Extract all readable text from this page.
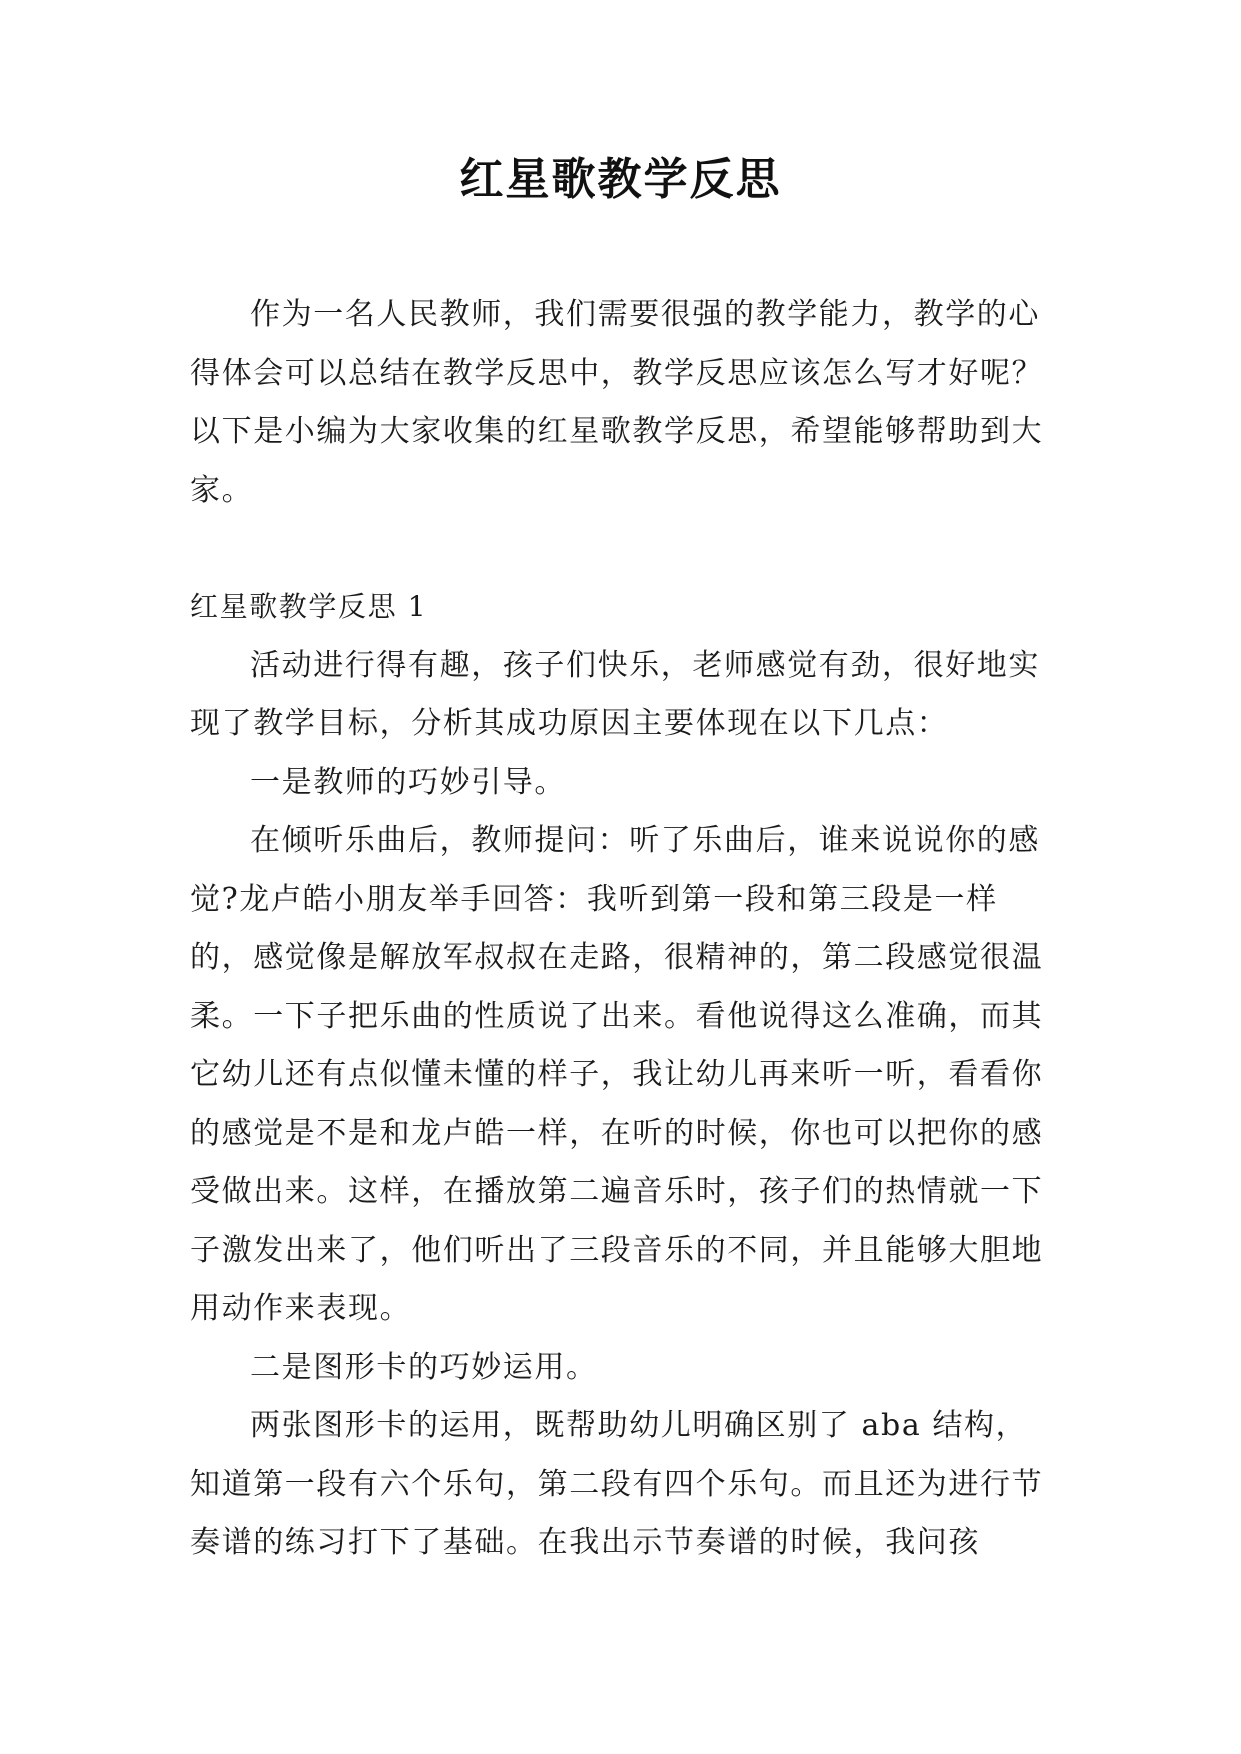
红星歌教学反思

作为一名人民教师，我们需要很强的教学能力，教学的心得体会可以总结在教学反思中，教学反思应该怎么写才好呢？以下是小编为大家收集的红星歌教学反思，希望能够帮助到大家。

红星歌教学反思 1

活动进行得有趣，孩子们快乐，老师感觉有劲，很好地实现了教学目标，分析其成功原因主要体现在以下几点：

一是教师的巧妙引导。

在倾听乐曲后，教师提问：听了乐曲后，谁来说说你的感觉?龙卢皓小朋友举手回答：我听到第一段和第三段是一样的，感觉像是解放军叔叔在走路，很精神的，第二段感觉很温柔。一下子把乐曲的性质说了出来。看他说得这么准确，而其它幼儿还有点似懂未懂的样子，我让幼儿再来听一听，看看你的感觉是不是和龙卢皓一样，在听的时候，你也可以把你的感受做出来。这样，在播放第二遍音乐时，孩子们的热情就一下子激发出来了，他们听出了三段音乐的不同，并且能够大胆地用动作来表现。

二是图形卡的巧妙运用。

两张图形卡的运用，既帮助幼儿明确区别了 aba 结构，知道第一段有六个乐句，第二段有四个乐句。而且还为进行节奏谱的练习打下了基础。在我出示节奏谱的时候，我问孩
